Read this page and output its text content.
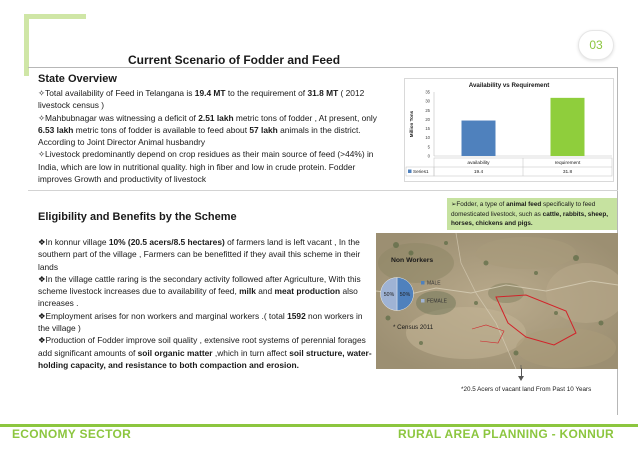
03
Current Scenario of Fodder and Feed
State Overview

✧Total availability of Feed in Telangana is 19.4 MT to the requirement of 31.8 MT ( 2012 livestock census )

✧Mahbubnagar was witnessing a deficit of 2.51 lakh metric tons of fodder , At present, only 6.53 lakh metric tons of fodder is available to feed about 57 lakh animals in the district. According to Joint Director Animal husbandry

✧Livestock predominantly depend on crop residues as their main source of feed (>44%) in India, which are low in nutritional quality. high in fiber and low in crude protein. Fodder improves Growth and productivity of livestock

Availability vs Requirement
0
5
10
15
20
25
30
35
Million Tons
availability
19.4
requirement
31.8
Series1
➢Fodder, a type of animal feed specifically to feed domesticated livestock, such as cattle, rabbits, sheep, horses, chickens and pigs.
Eligibility and Benefits by the Scheme

❖In konnur village 10% (20.5 acers/8.5 hectares) of farmers land is left vacant , In the southern part of the village , Farmers can be benefitted if they avail this scheme in their lands

❖In the village cattle raring is the secondary activity followed after Agriculture, With this scheme livestock increases due to availability of feed, milk and meat production also increases .

❖Employment arises for non workers and marginal workers .( total 1592 non workers in the village )

❖Production of Fodder improve soil quality , extensive root systems of perennial forages add significant amounts of soil organic matter ,which in turn affect soil structure, water-holding capacity, and resistance to both compaction and erosion.

Non Workers
50%
50%
MALE
FEMALE
* Census 2011
*20.5 Acers of vacant land From Past 10 Years
ECONOMY SECTOR	RURAL AREA PLANNING - KONNUR
